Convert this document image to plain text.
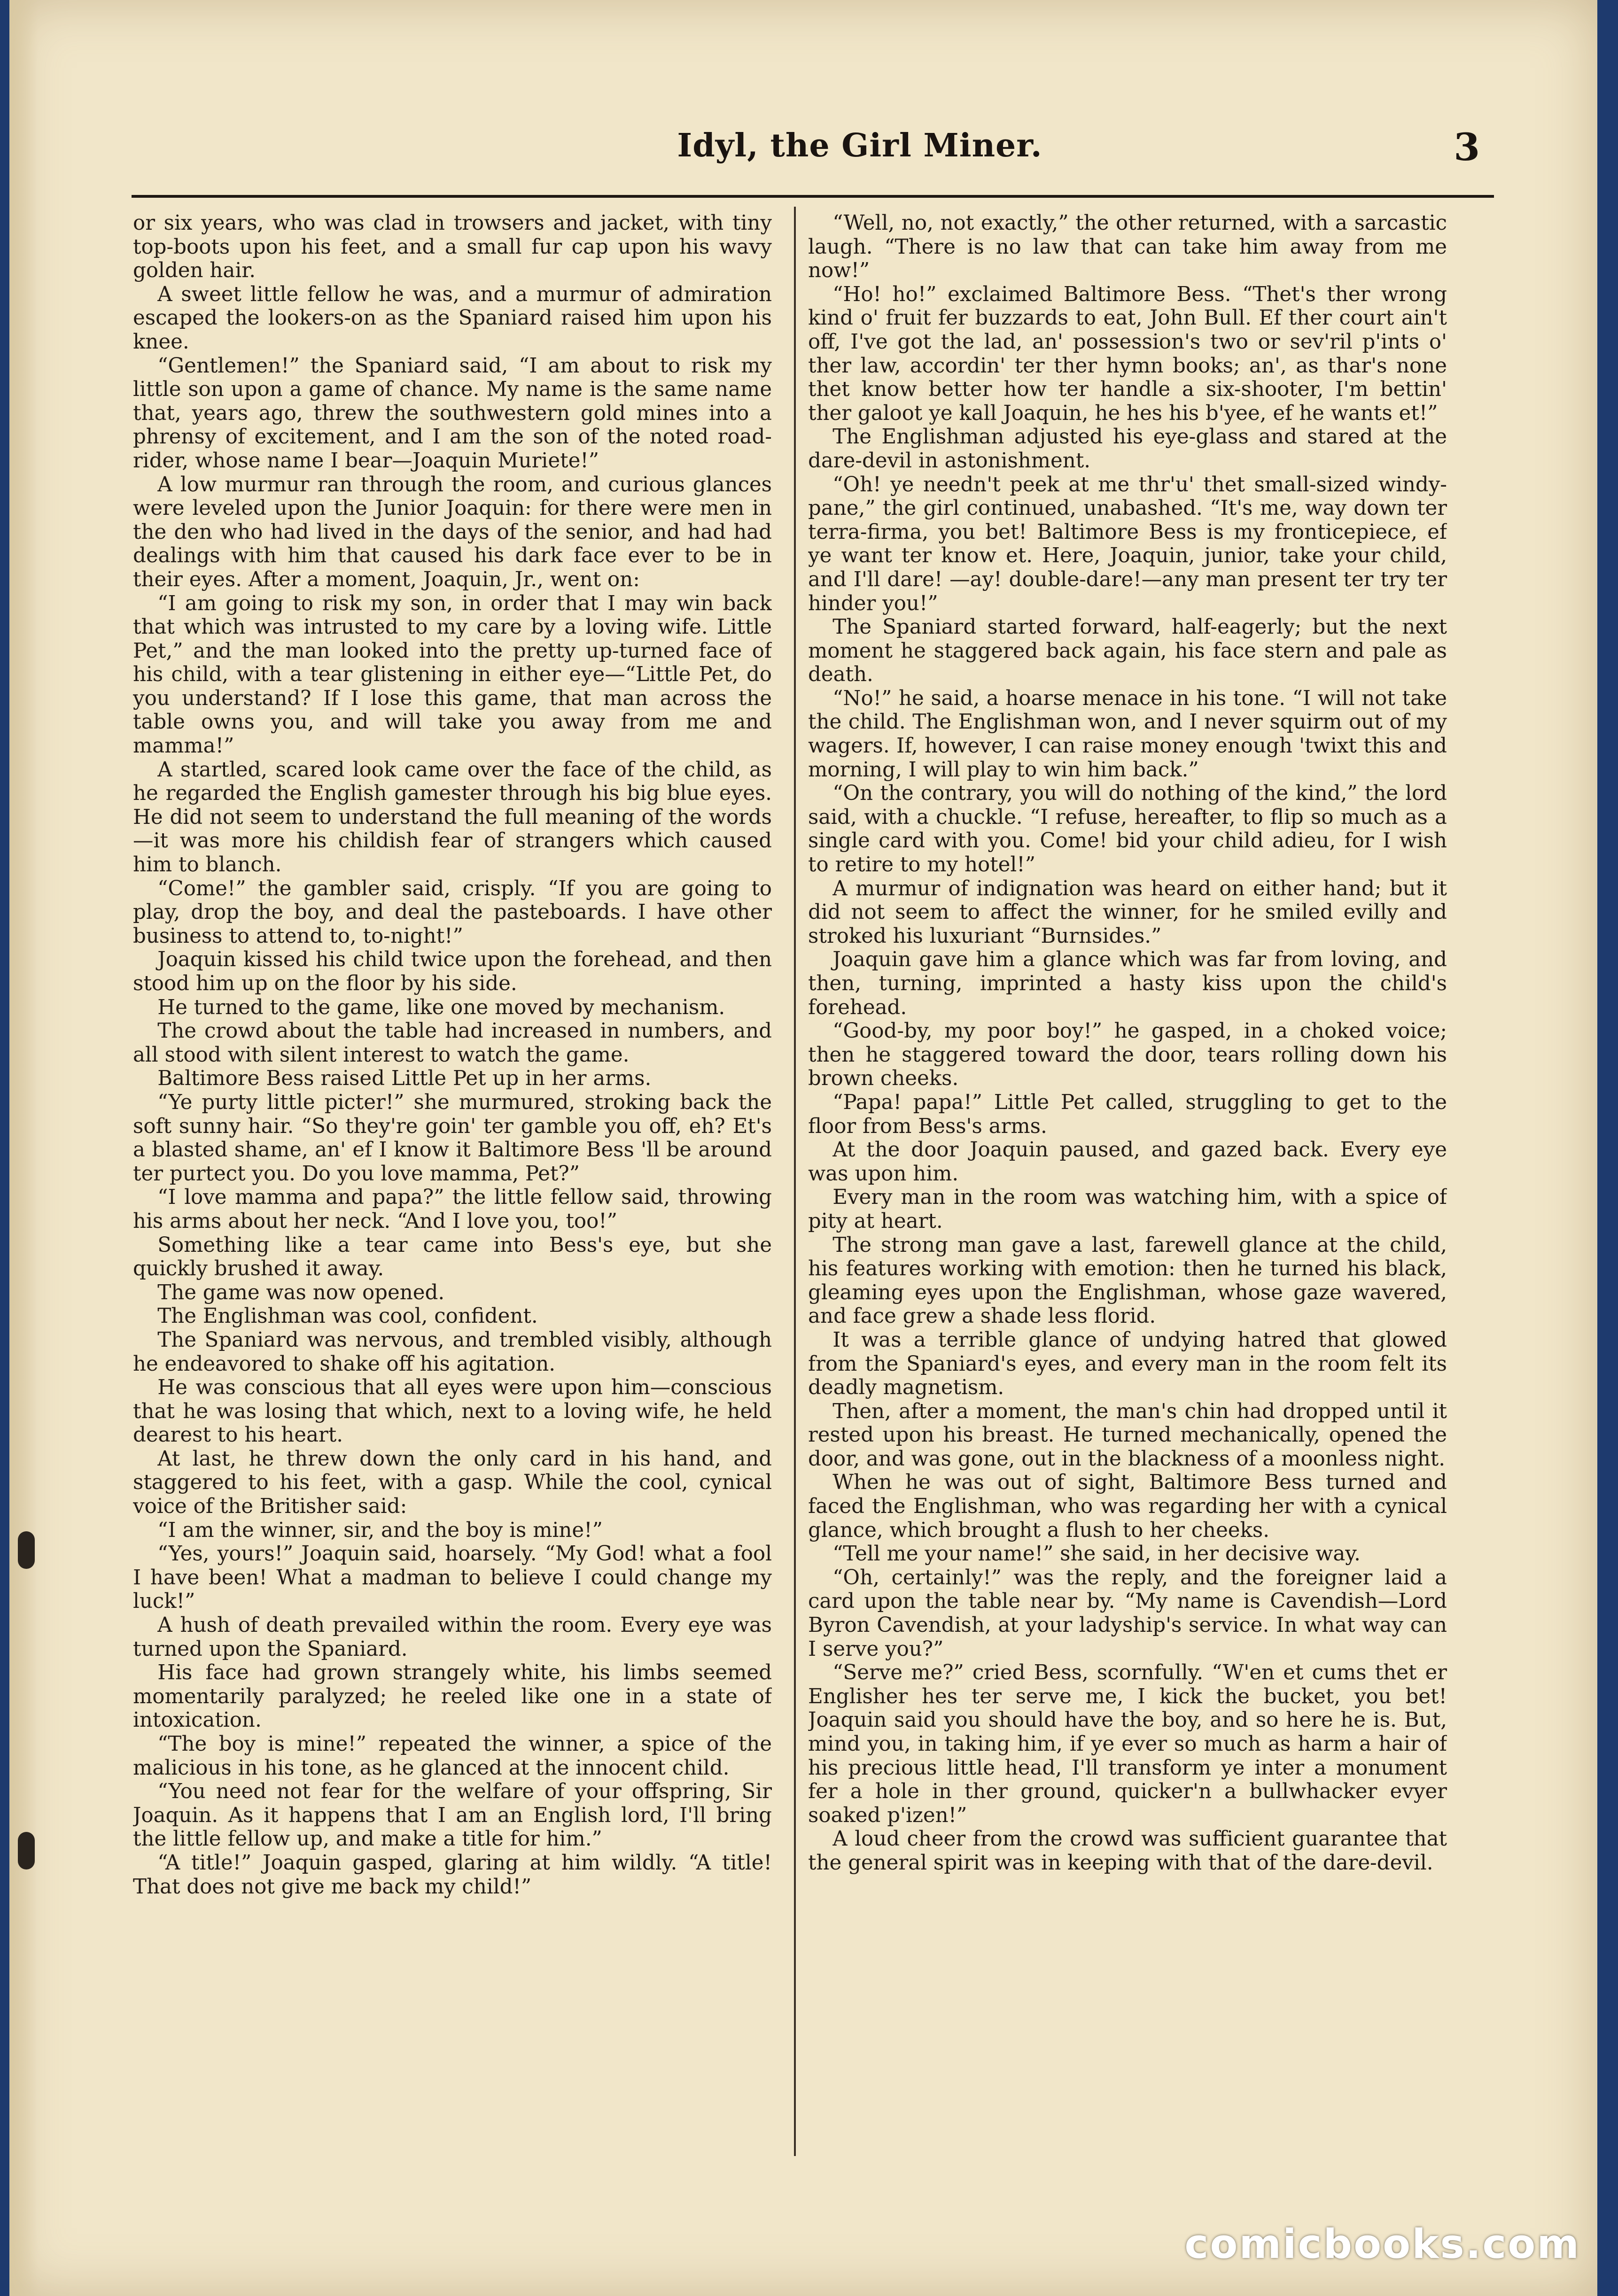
Idyl, the Girl Miner.	3

or six years, who was clad in trowsers and jacket, with tiny top-boots upon his feet, and a small fur cap upon his wavy golden hair.

A sweet little fellow he was, and a murmur of admiration escaped the lookers-on as the Spaniard raised him upon his knee.

“Gentlemen!” the Spaniard said, “I am about to risk my little son upon a game of chance. My name is the same name that, years ago, threw the southwestern gold mines into a phrensy of excitement, and I am the son of the noted road-rider, whose name I bear—Joaquin Muriete!”

A low murmur ran through the room, and curious glances were leveled upon the Junior Joaquin: for there were men in the den who had lived in the days of the senior, and had had dealings with him that caused his dark face ever to be in their eyes. After a moment, Joaquin, Jr., went on:

“I am going to risk my son, in order that I may win back that which was intrusted to my care by a loving wife. Little Pet,” and the man looked into the pretty up-turned face of his child, with a tear glistening in either eye—“Little Pet, do you understand? If I lose this game, that man across the table owns you, and will take you away from me and mamma!”

A startled, scared look came over the face of the child, as he regarded the English gamester through his big blue eyes. He did not seem to understand the full meaning of the words—it was more his childish fear of strangers which caused him to blanch.

“Come!” the gambler said, crisply. “If you are going to play, drop the boy, and deal the pasteboards. I have other business to attend to, to-night!”

Joaquin kissed his child twice upon the forehead, and then stood him up on the floor by his side.

He turned to the game, like one moved by mechanism.

The crowd about the table had increased in numbers, and all stood with silent interest to watch the game.

Baltimore Bess raised Little Pet up in her arms.

“Ye purty little picter!” she murmured, stroking back the soft sunny hair. “So they're goin' ter gamble you off, eh? Et's a blasted shame, an' ef I know it Baltimore Bess 'll be around ter purtect you. Do you love mamma, Pet?”

“I love mamma and papa?” the little fellow said, throwing his arms about her neck. “And I love you, too!”

Something like a tear came into Bess's eye, but she quickly brushed it away.

The game was now opened.

The Englishman was cool, confident.

The Spaniard was nervous, and trembled visibly, although he endeavored to shake off his agitation.

He was conscious that all eyes were upon him—conscious that he was losing that which, next to a loving wife, he held dearest to his heart.

At last, he threw down the only card in his hand, and staggered to his feet, with a gasp. While the cool, cynical voice of the Britisher said:

“I am the winner, sir, and the boy is mine!”

“Yes, yours!” Joaquin said, hoarsely. “My God! what a fool I have been! What a madman to believe I could change my luck!”

A hush of death prevailed within the room. Every eye was turned upon the Spaniard.

His face had grown strangely white, his limbs seemed momentarily paralyzed; he reeled like one in a state of intoxication.

“The boy is mine!” repeated the winner, a spice of the malicious in his tone, as he glanced at the innocent child.

“You need not fear for the welfare of your offspring, Sir Joaquin. As it happens that I am an English lord, I'll bring the little fellow up, and make a title for him.”

“A title!” Joaquin gasped, glaring at him wildly. “A title! That does not give me back my child!”

“Well, no, not exactly,” the other returned, with a sarcastic laugh. “There is no law that can take him away from me now!”

“Ho! ho!” exclaimed Baltimore Bess. “Thet's ther wrong kind o' fruit fer buzzards to eat, John Bull. Ef ther court ain't off, I've got the lad, an' possession's two or sev'ril p'ints o' ther law, accordin' ter ther hymn books; an', as thar's none thet know better how ter handle a six-shooter, I'm bettin' ther galoot ye kall Joaquin, he hes his b'yee, ef he wants et!”

The Englishman adjusted his eye-glass and stared at the dare-devil in astonishment.

“Oh! ye needn't peek at me thr'u' thet small-sized windy-pane,” the girl continued, unabashed. “It's me, way down ter terra-firma, you bet! Baltimore Bess is my fronticepiece, ef ye want ter know et. Here, Joaquin, junior, take your child, and I'll dare! —ay! double-dare!—any man present ter try ter hinder you!”

The Spaniard started forward, half-eagerly; but the next moment he staggered back again, his face stern and pale as death.

“No!” he said, a hoarse menace in his tone. “I will not take the child. The Englishman won, and I never squirm out of my wagers. If, however, I can raise money enough 'twixt this and morning, I will play to win him back.”

“On the contrary, you will do nothing of the kind,” the lord said, with a chuckle. “I refuse, hereafter, to flip so much as a single card with you. Come! bid your child adieu, for I wish to retire to my hotel!”

A murmur of indignation was heard on either hand; but it did not seem to affect the winner, for he smiled evilly and stroked his luxuriant “Burnsides.”

Joaquin gave him a glance which was far from loving, and then, turning, imprinted a hasty kiss upon the child's forehead.

“Good-by, my poor boy!” he gasped, in a choked voice; then he staggered toward the door, tears rolling down his brown cheeks.

“Papa! papa!” Little Pet called, struggling to get to the floor from Bess's arms.

At the door Joaquin paused, and gazed back. Every eye was upon him.

Every man in the room was watching him, with a spice of pity at heart.

The strong man gave a last, farewell glance at the child, his features working with emotion: then he turned his black, gleaming eyes upon the Englishman, whose gaze wavered, and face grew a shade less florid.

It was a terrible glance of undying hatred that glowed from the Spaniard's eyes, and every man in the room felt its deadly magnetism.

Then, after a moment, the man's chin had dropped until it rested upon his breast. He turned mechanically, opened the door, and was gone, out in the blackness of a moonless night.

When he was out of sight, Baltimore Bess turned and faced the Englishman, who was regarding her with a cynical glance, which brought a flush to her cheeks.

“Tell me your name!” she said, in her decisive way.

“Oh, certainly!” was the reply, and the foreigner laid a card upon the table near by. “My name is Cavendish—Lord Byron Cavendish, at your ladyship's service. In what way can I serve you?”

“Serve me?” cried Bess, scornfully. “W'en et cums thet er Englisher hes ter serve me, I kick the bucket, you bet! Joaquin said you should have the boy, and so here he is. But, mind you, in taking him, if ye ever so much as harm a hair of his precious little head, I'll transform ye inter a monument fer a hole in ther ground, quicker'n a bullwhacker evyer soaked p'izen!”

A loud cheer from the crowd was sufficient guarantee that the general spirit was in keeping with that of the dare-devil.

comicbooks.com
